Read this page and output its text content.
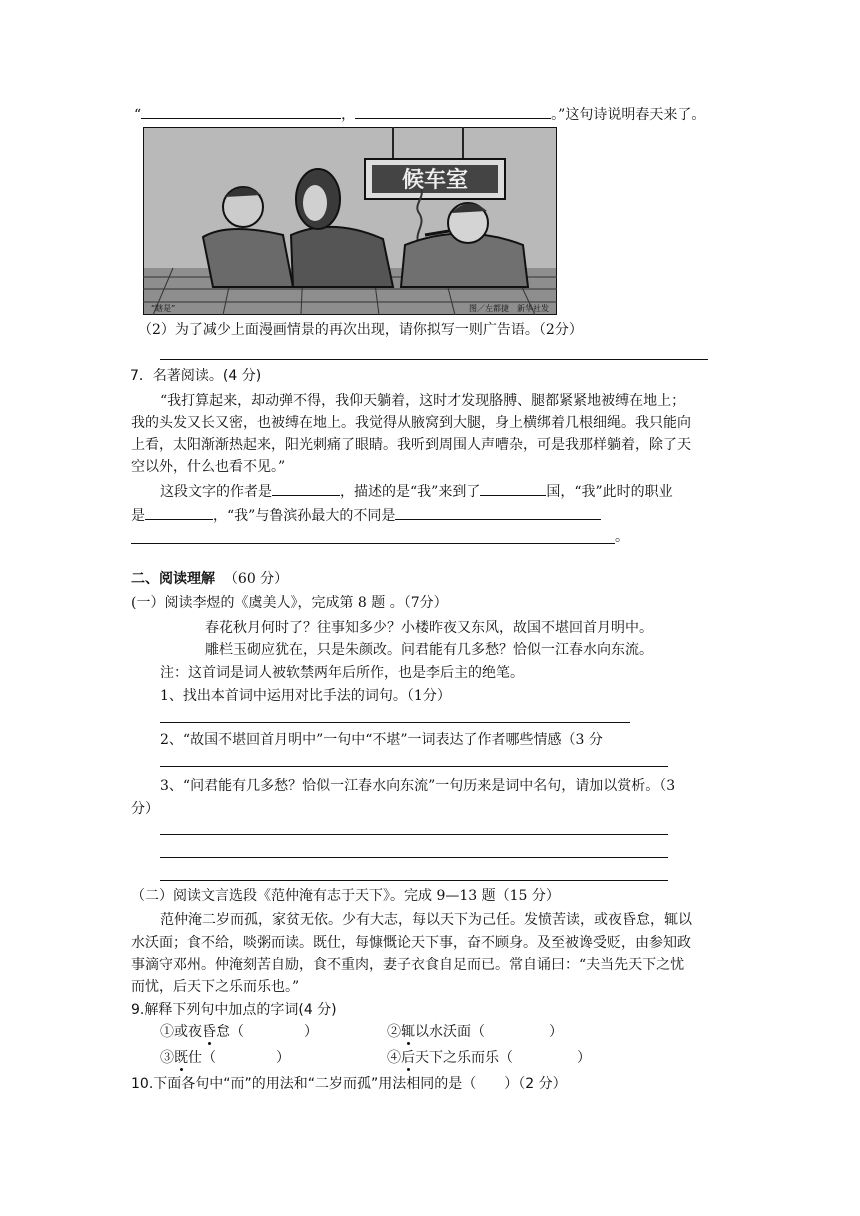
“	，	。”这句诗说明春天来了。
候车室
“瞎是”	图／左都捷　新华社发
（2）为了减少上面漫画情景的再次出现，请你拟写一则广告语。（2分）
7．名著阅读。(4 分)
“我打算起来，却动弹不得，我仰天躺着，这时才发现胳膊、腿都紧紧地被缚在地上；
我的头发又长又密，也被缚在地上。我觉得从腋窝到大腿，身上横绑着几根细绳。我只能向
上看，太阳渐渐热起来，阳光刺痛了眼睛。我听到周围人声嘈杂，可是我那样躺着，除了天
空以外，什么也看不见。”
这段文字的作者是	，描述的是“我”来到了	国，“我”此时的职业
是	，“我”与鲁滨孙最大的不同是
。
二、阅读理解 （60 分）
(一）阅读李煜的《虞美人》，完成第 8 题 。（7分）
春花秋月何时了？往事知多少？小楼昨夜又东风，故国不堪回首月明中。
雕栏玉砌应犹在，只是朱颜改。问君能有几多愁？恰似一江春水向东流。
注：这首词是词人被软禁两年后所作，也是李后主的绝笔。
1、找出本首词中运用对比手法的词句。（1分）
2、“故国不堪回首月明中”一句中“不堪”一词表达了作者哪些情感（3 分
3、“问君能有几多愁？恰似一江春水向东流”一句历来是词中名句，请加以赏析。（3
分）
（二）阅读文言选段《范仲淹有志于天下》。完成 9—13 题（15 分）
范仲淹二岁而孤，家贫无依。少有大志，每以天下为己任。发愤苦读，或夜昏怠，辄以
水沃面；食不给，啖粥而读。既仕，每慷慨论天下事，奋不顾身。及至被谗受贬，由参知政
事滴守邓州。仲淹刻苦自励，食不重肉，妻子衣食自足而已。常自诵曰：“夫当先天下之忧
而忧，后天下之乐而乐也。”
9.解释下列句中加点的字词(4 分)
①或夜昏怠（	）	②辄以水沃面（	）
③既仕（	）	④后天下之乐而乐（	）
10.下面各句中“而”的用法和“二岁而孤”用法相同的是（　　）（2 分）
